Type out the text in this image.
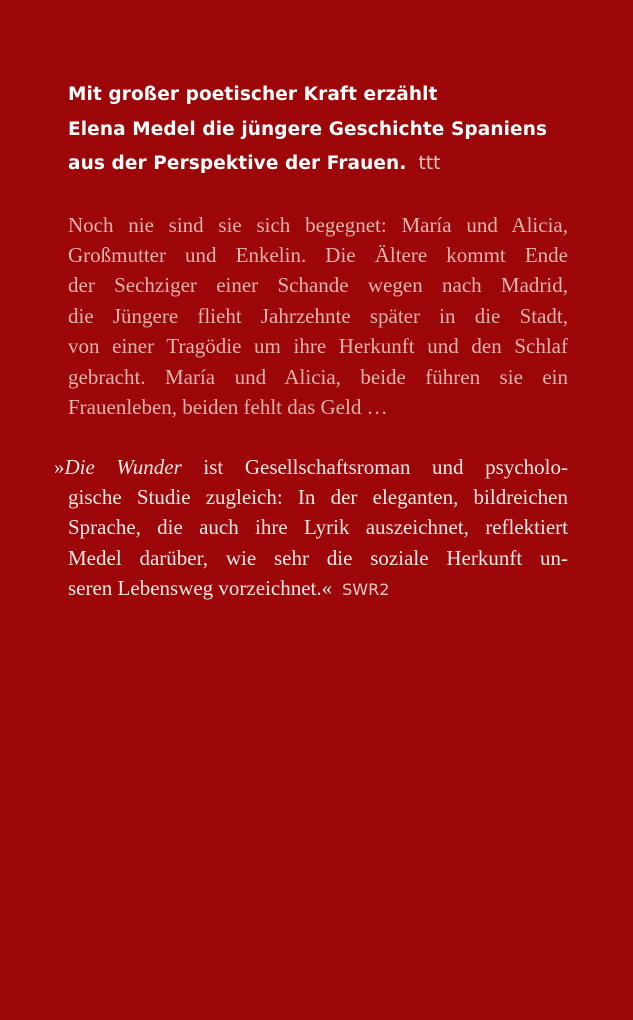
Mit großer poetischer Kraft erzählt
Elena Medel die jüngere Geschichte Spaniens
aus der Perspektive der Frauen. ttt
Noch nie sind sie sich begegnet: María und Alicia,
Großmutter und Enkelin. Die Ältere kommt Ende
der Sechziger einer Schande wegen nach Madrid,
die Jüngere flieht Jahrzehnte später in die Stadt,
von einer Tragödie um ihre Herkunft und den Schlaf
gebracht. María und Alicia, beide führen sie ein
Frauenleben, beiden fehlt das Geld …
»Die Wunder ist Gesellschaftsroman und psycholo-
gische Studie zugleich: In der eleganten, bildreichen
Sprache, die auch ihre Lyrik auszeichnet, reflektiert
Medel darüber, wie sehr die soziale Herkunft un-
seren Lebensweg vorzeichnet.« SWR2
